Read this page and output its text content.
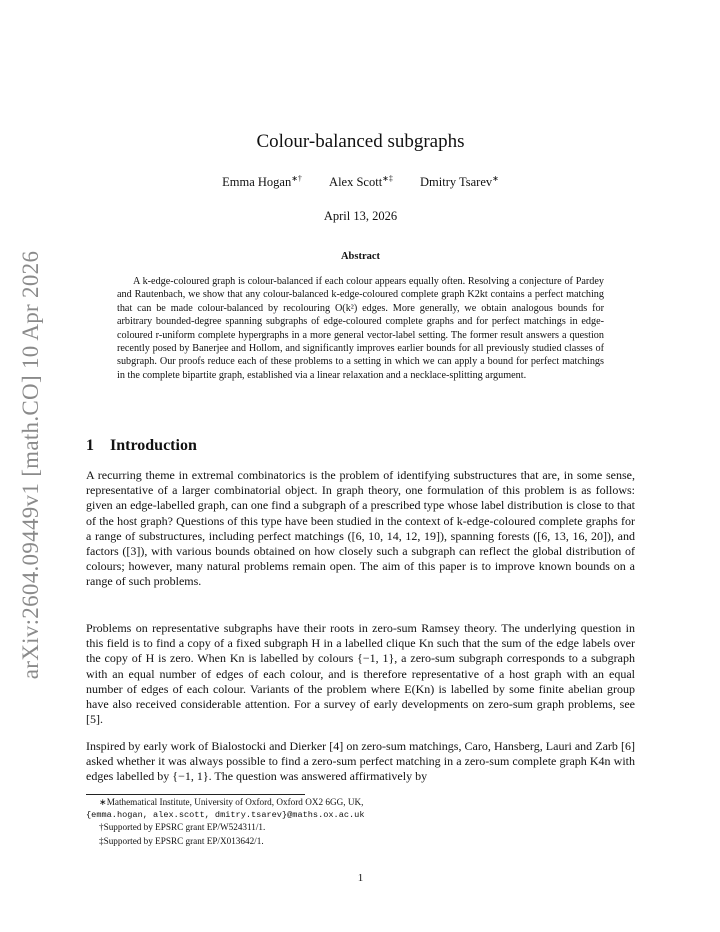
arXiv:2604.09449v1 [math.CO] 10 Apr 2026
Colour-balanced subgraphs
Emma Hogan∗† Alex Scott∗‡ Dmitry Tsarev∗
April 13, 2026
Abstract
A k-edge-coloured graph is colour-balanced if each colour appears equally often. Resolving a conjecture of Pardey and Rautenbach, we show that any colour-balanced k-edge-coloured complete graph K2kt contains a perfect matching that can be made colour-balanced by recolouring O(k²) edges. More generally, we obtain analogous bounds for arbitrary bounded-degree spanning subgraphs of edge-coloured complete graphs and for perfect matchings in edge-coloured r-uniform complete hypergraphs in a more general vector-label setting. The former result answers a question recently posed by Banerjee and Hollom, and significantly improves earlier bounds for all previously studied classes of subgraph. Our proofs reduce each of these problems to a setting in which we can apply a bound for perfect matchings in the complete bipartite graph, established via a linear relaxation and a necklace-splitting argument.
1 Introduction
A recurring theme in extremal combinatorics is the problem of identifying substructures that are, in some sense, representative of a larger combinatorial object. In graph theory, one formulation of this problem is as follows: given an edge-labelled graph, can one find a subgraph of a prescribed type whose label distribution is close to that of the host graph? Questions of this type have been studied in the context of k-edge-coloured complete graphs for a range of substructures, including perfect matchings ([6, 10, 14, 12, 19]), spanning forests ([6, 13, 16, 20]), and factors ([3]), with various bounds obtained on how closely such a subgraph can reflect the global distribution of colours; however, many natural problems remain open. The aim of this paper is to improve known bounds on a range of such problems.
Problems on representative subgraphs have their roots in zero-sum Ramsey theory. The underlying question in this field is to find a copy of a fixed subgraph H in a labelled clique Kn such that the sum of the edge labels over the copy of H is zero. When Kn is labelled by colours {−1, 1}, a zero-sum subgraph corresponds to a subgraph with an equal number of edges of each colour, and is therefore representative of a host graph with an equal number of edges of each colour. Variants of the problem where E(Kn) is labelled by some finite abelian group have also received considerable attention. For a survey of early developments on zero-sum graph problems, see [5].
Inspired by early work of Bialostocki and Dierker [4] on zero-sum matchings, Caro, Hansberg, Lauri and Zarb [6] asked whether it was always possible to find a zero-sum perfect matching in a zero-sum complete graph K4n with edges labelled by {−1, 1}. The question was answered affirmatively by
∗Mathematical Institute, University of Oxford, Oxford OX2 6GG, UK,
{emma.hogan, alex.scott, dmitry.tsarev}@maths.ox.ac.uk
†Supported by EPSRC grant EP/W524311/1.
‡Supported by EPSRC grant EP/X013642/1.
1
